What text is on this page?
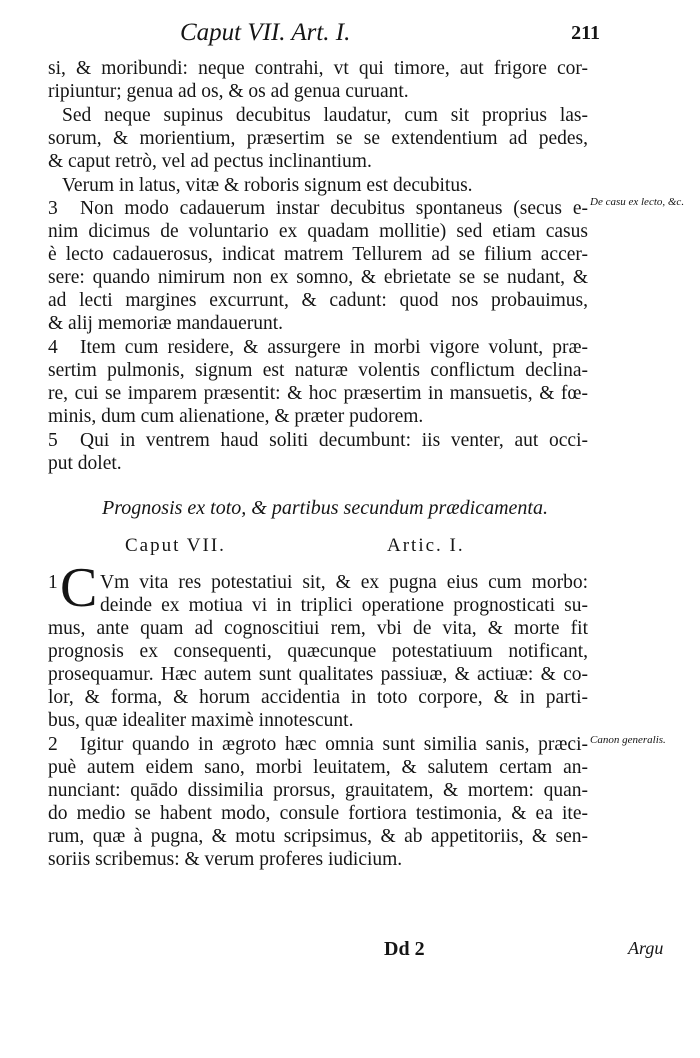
Caput VII. Art. I.	211
si, & moribundi: neque contrahi, vt qui timore, aut frigore cor-
ripiuntur; genua ad os, & os ad genua curuant.
Sed neque supinus decubitus laudatur, cum sit proprius las-
sorum, & morientium, præsertim se se extendentium ad pedes,
& caput retrò, vel ad pectus inclinantium.
Verum in latus, vitæ & roboris signum est decubitus.
3 Non modo cadauerum instar decubitus spontaneus (secus e-
nim dicimus de voluntario ex quadam mollitie) sed etiam casus
è lecto cadauerosus, indicat matrem Tellurem ad se filium accer-
sere: quando nimirum non ex somno, & ebrietate se se nudant, &
ad lecti margines excurrunt, & cadunt: quod nos probauimus,
& alij memoriæ mandauerunt.
4 Item cum residere, & assurgere in morbi vigore volunt, præ-
sertim pulmonis, signum est naturæ volentis conflictum declina-
re, cui se imparem præsentit: & hoc præsertim in mansuetis, & fœ-
minis, dum cum alienatione, & præter pudorem.
5 Qui in ventrem haud soliti decumbunt: iis venter, aut occi-
put dolet.
Prognosis ex toto, & partibus secundum prædicamenta.
Caput VII.	Artic. I.
1 C Vm vita res potestatiui sit, & ex pugna eius cum morbo:
deinde ex motiua vi in triplici operatione prognosticati su-
mus, ante quam ad cognoscitiui rem, vbi de vita, & morte fit
prognosis ex consequenti, quæcunque potestatiuum notificant,
prosequamur. Hæc autem sunt qualitates passiuæ, & actiuæ: & co-
lor, & forma, & horum accidentia in toto corpore, & in parti-
bus, quæ idealiter maximè innotescunt.
2 Igitur quando in ægroto hæc omnia sunt similia sanis, præci-
puè autem eidem sano, morbi leuitatem, & salutem certam an-
nunciant: quādo dissimilia prorsus, grauitatem, & mortem: quan-
do medio se habent modo, consule fortiora testimonia, & ea ite-
rum, quæ à pugna, & motu scripsimus, & ab appetitoriis, & sen-
soriis scribemus: & verum proferes iudicium.
De casu ex lecto, &c.
Canon generalis.
Dd 2	Argu
